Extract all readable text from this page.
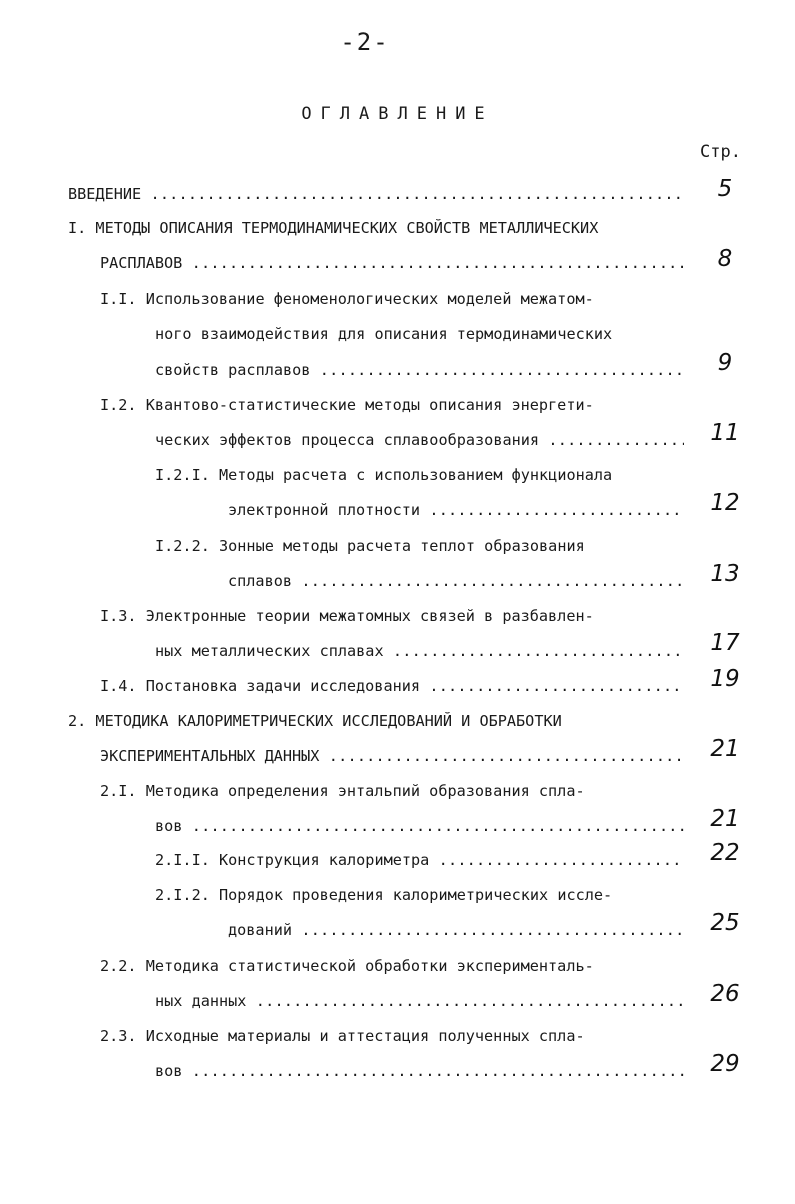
-2-
ОГЛАВЛЕНИЕ
Стр.
ВВЕДЕНИЕ .....	5
I. МЕТОДЫ ОПИСАНИЯ ТЕРМОДИНАМИЧЕСКИХ СВОЙСТВ МЕТАЛЛИЧЕСКИХ
РАСПЛАВОВ .....	8
I.I. Использование феноменологических моделей межатом-
ного взаимодействия для описания термодинамических
свойств расплавов .....	9
I.2. Квантово-статистические методы описания энергети-
ческих эффектов процесса сплавообразования .....	11
I.2.I. Методы расчета с использованием функционала
электронной плотности .....	12
I.2.2. Зонные методы расчета теплот образования
сплавов .....	13
I.3. Электронные теории межатомных связей в разбавлен-
ных металлических сплавах .....	17
I.4. Постановка задачи исследования .....	19
2. МЕТОДИКА КАЛОРИМЕТРИЧЕСКИХ ИССЛЕДОВАНИЙ И ОБРАБОТКИ
ЭКСПЕРИМЕНТАЛЬНЫХ ДАННЫХ .....	21
2.I. Методика определения энтальпий образования спла-
вов .....	21
2.I.I. Конструкция калориметра .....	22
2.I.2. Порядок проведения калориметрических иссле-
дований .....	25
2.2. Методика статистической обработки эксперименталь-
ных данных .....	26
2.3. Исходные материалы и аттестация полученных спла-
вов .....	29
